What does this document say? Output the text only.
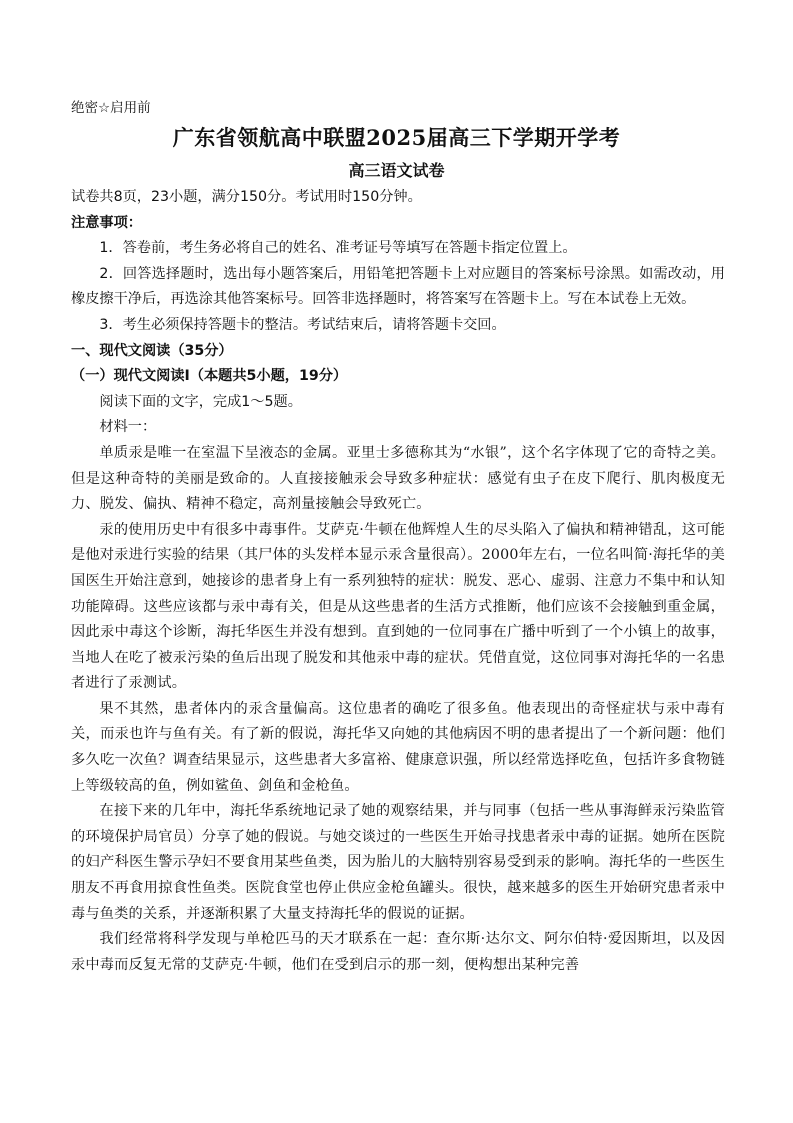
绝密☆启用前
广东省领航高中联盟2025届高三下学期开学考
高三语文试卷

试卷共8页，23小题，满分150分。考试用时150分钟。

注意事项：

1．答卷前，考生务必将自己的姓名、准考证号等填写在答题卡指定位置上。

2．回答选择题时，选出每小题答案后，用铅笔把答题卡上对应题目的答案标号涂黑。如需改动，用橡皮擦干净后，再选涂其他答案标号。回答非选择题时，将答案写在答题卡上。写在本试卷上无效。

3．考生必须保持答题卡的整洁。考试结束后，请将答题卡交回。

一、现代文阅读（35分）

（一）现代文阅读Ⅰ（本题共5小题，19分）

阅读下面的文字，完成1～5题。

材料一：

单质汞是唯一在室温下呈液态的金属。亚里士多德称其为“水银”，这个名字体现了它的奇特之美。但是这种奇特的美丽是致命的。人直接接触汞会导致多种症状：感觉有虫子在皮下爬行、肌肉极度无力、脱发、偏执、精神不稳定，高剂量接触会导致死亡。

汞的使用历史中有很多中毒事件。艾萨克·牛顿在他辉煌人生的尽头陷入了偏执和精神错乱，这可能是他对汞进行实验的结果（其尸体的头发样本显示汞含量很高）。2000年左右，一位名叫简·海托华的美国医生开始注意到，她接诊的患者身上有一系列独特的症状：脱发、恶心、虚弱、注意力不集中和认知功能障碍。这些应该都与汞中毒有关，但是从这些患者的生活方式推断，他们应该不会接触到重金属，因此汞中毒这个诊断，海托华医生并没有想到。直到她的一位同事在广播中听到了一个小镇上的故事，当地人在吃了被汞污染的鱼后出现了脱发和其他汞中毒的症状。凭借直觉，这位同事对海托华的一名患者进行了汞测试。

果不其然，患者体内的汞含量偏高。这位患者的确吃了很多鱼。他表现出的奇怪症状与汞中毒有关，而汞也许与鱼有关。有了新的假说，海托华又向她的其他病因不明的患者提出了一个新问题：他们多久吃一次鱼？调查结果显示，这些患者大多富裕、健康意识强，所以经常选择吃鱼，包括许多食物链上等级较高的鱼，例如鲨鱼、剑鱼和金枪鱼。

在接下来的几年中，海托华系统地记录了她的观察结果，并与同事（包括一些从事海鲜汞污染监管的环境保护局官员）分享了她的假说。与她交谈过的一些医生开始寻找患者汞中毒的证据。她所在医院的妇产科医生警示孕妇不要食用某些鱼类，因为胎儿的大脑特别容易受到汞的影响。海托华的一些医生朋友不再食用掠食性鱼类。医院食堂也停止供应金枪鱼罐头。很快，越来越多的医生开始研究患者汞中毒与鱼类的关系，并逐渐积累了大量支持海托华的假说的证据。

我们经常将科学发现与单枪匹马的天才联系在一起：查尔斯·达尔文、阿尔伯特·爱因斯坦，以及因汞中毒而反复无常的艾萨克·牛顿，他们在受到启示的那一刻，便构想出某种完善
